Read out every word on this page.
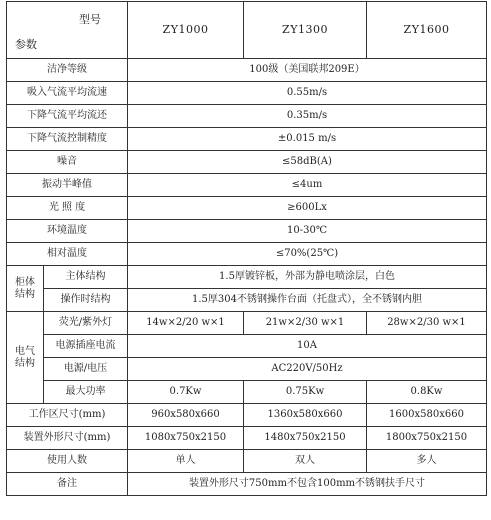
型号
参数		ZY1000	ZY1300	ZY1600
洁净等级		100级（美国联邦209E）		
吸入气流平均流速		0.55m/s		
下降气流平均流还		0.35m/s		
下降气流控制精度		±0.015 m/s		
噪音		≤58dB(A)		
振动半峰值		≤4um		
光 照 度		≥600Lx		
环境温度		10-30℃		
相对温度		≤70%(25℃)		

柜体
结构	主体结构	1.5厚镀锌板，外部为静电喷涂层，白色		
	操作时结构	1.5厚304不锈钢操作台面（托盘式），全不锈钢内胆		

电气
结构	荧光/紫外灯	14w×2/20 w×1	21w×2/30 w×1	28w×2/30 w×1
	电源插座电流	10A		
	电源/电压	AC220V/50Hz		
	最大功率	0.7Kw	0.75Kw	0.8Kw
工作区尺寸(mm)		960x580x660	1360x580x660	1600x580x660
装置外形尺寸(mm)		1080x750x2150	1480x750x2150	1800x750x2150
使用人数		单人	双人	多人
备注		装置外形尺寸750mm不包含100mm不锈钢扶手尺寸		
